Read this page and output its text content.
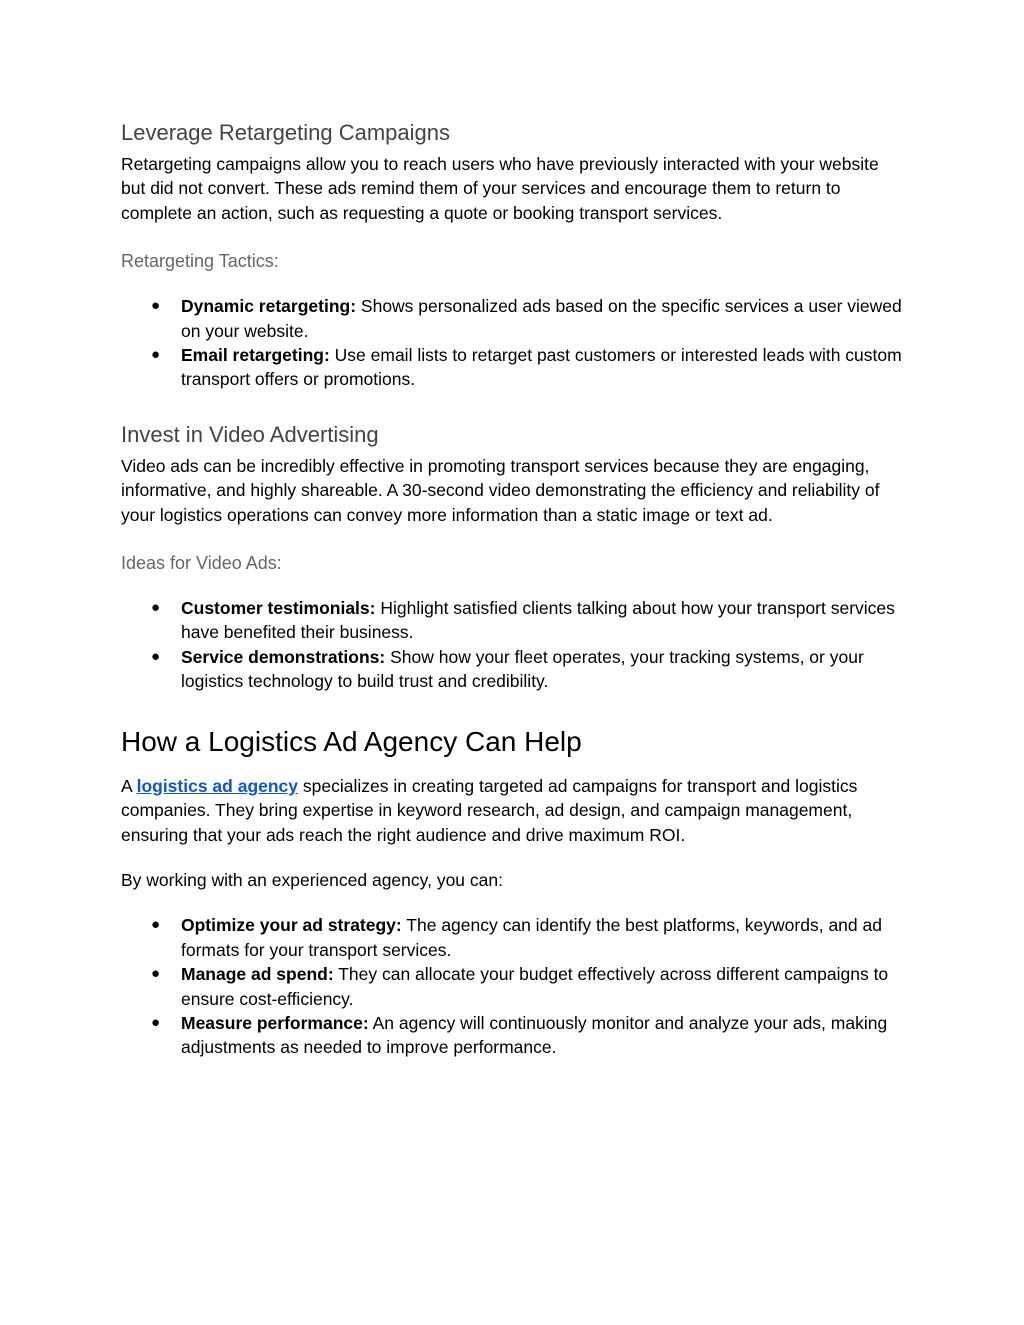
Leverage Retargeting Campaigns

Retargeting campaigns allow you to reach users who have previously interacted with your website but did not convert. These ads remind them of your services and encourage them to return to complete an action, such as requesting a quote or booking transport services.

Retargeting Tactics:
● Dynamic retargeting: Shows personalized ads based on the specific services a user viewed on your website.
● Email retargeting: Use email lists to retarget past customers or interested leads with custom transport offers or promotions.
Invest in Video Advertising

Video ads can be incredibly effective in promoting transport services because they are engaging, informative, and highly shareable. A 30-second video demonstrating the efficiency and reliability of your logistics operations can convey more information than a static image or text ad.

Ideas for Video Ads:
● Customer testimonials: Highlight satisfied clients talking about how your transport services have benefited their business.
● Service demonstrations: Show how your fleet operates, your tracking systems, or your logistics technology to build trust and credibility.
How a Logistics Ad Agency Can Help

A logistics ad agency specializes in creating targeted ad campaigns for transport and logistics companies. They bring expertise in keyword research, ad design, and campaign management, ensuring that your ads reach the right audience and drive maximum ROI.

By working with an experienced agency, you can:

● Optimize your ad strategy: The agency can identify the best platforms, keywords, and ad formats for your transport services.
● Manage ad spend: They can allocate your budget effectively across different campaigns to ensure cost-efficiency.
● Measure performance: An agency will continuously monitor and analyze your ads, making adjustments as needed to improve performance.
